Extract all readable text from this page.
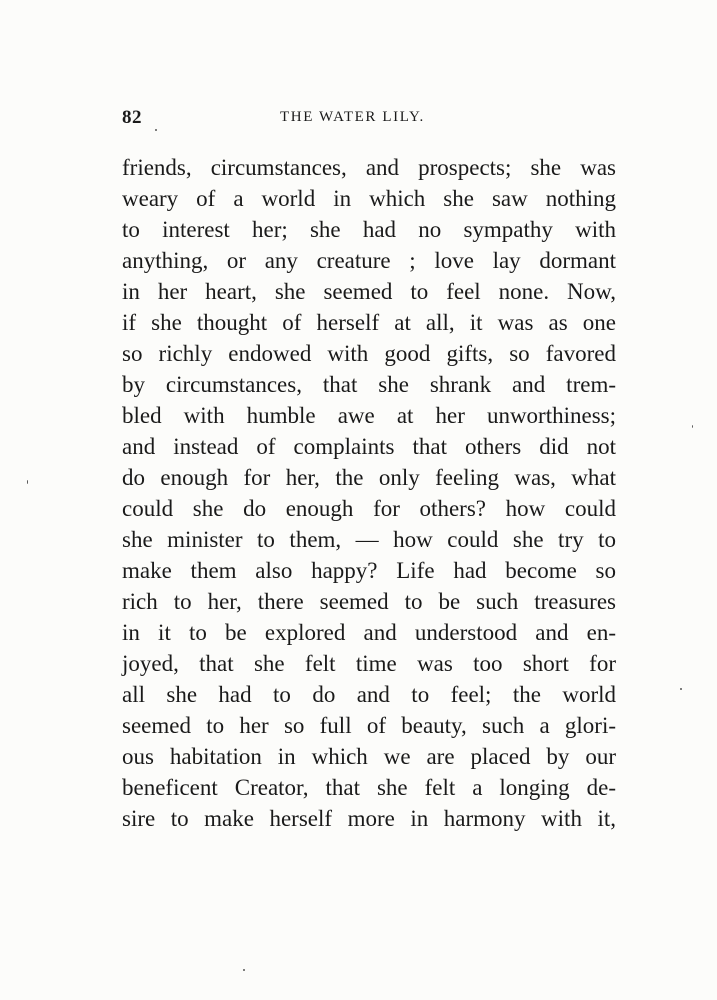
82	THE WATER LILY.
friends, circumstances, and prospects; she was
weary of a world in which she saw nothing
to interest her; she had no sympathy with
anything, or any creature ; love lay dormant
in her heart, she seemed to feel none. Now,
if she thought of herself at all, it was as one
so richly endowed with good gifts, so favored
by circumstances, that she shrank and trem-
bled with humble awe at her unworthiness;
and instead of complaints that others did not
do enough for her, the only feeling was, what
could she do enough for others? how could
she minister to them, — how could she try to
make them also happy? Life had become so
rich to her, there seemed to be such treasures
in it to be explored and understood and en-
joyed, that she felt time was too short for
all she had to do and to feel; the world
seemed to her so full of beauty, such a glori-
ous habitation in which we are placed by our
beneficent Creator, that she felt a longing de-
sire to make herself more in harmony with it,
